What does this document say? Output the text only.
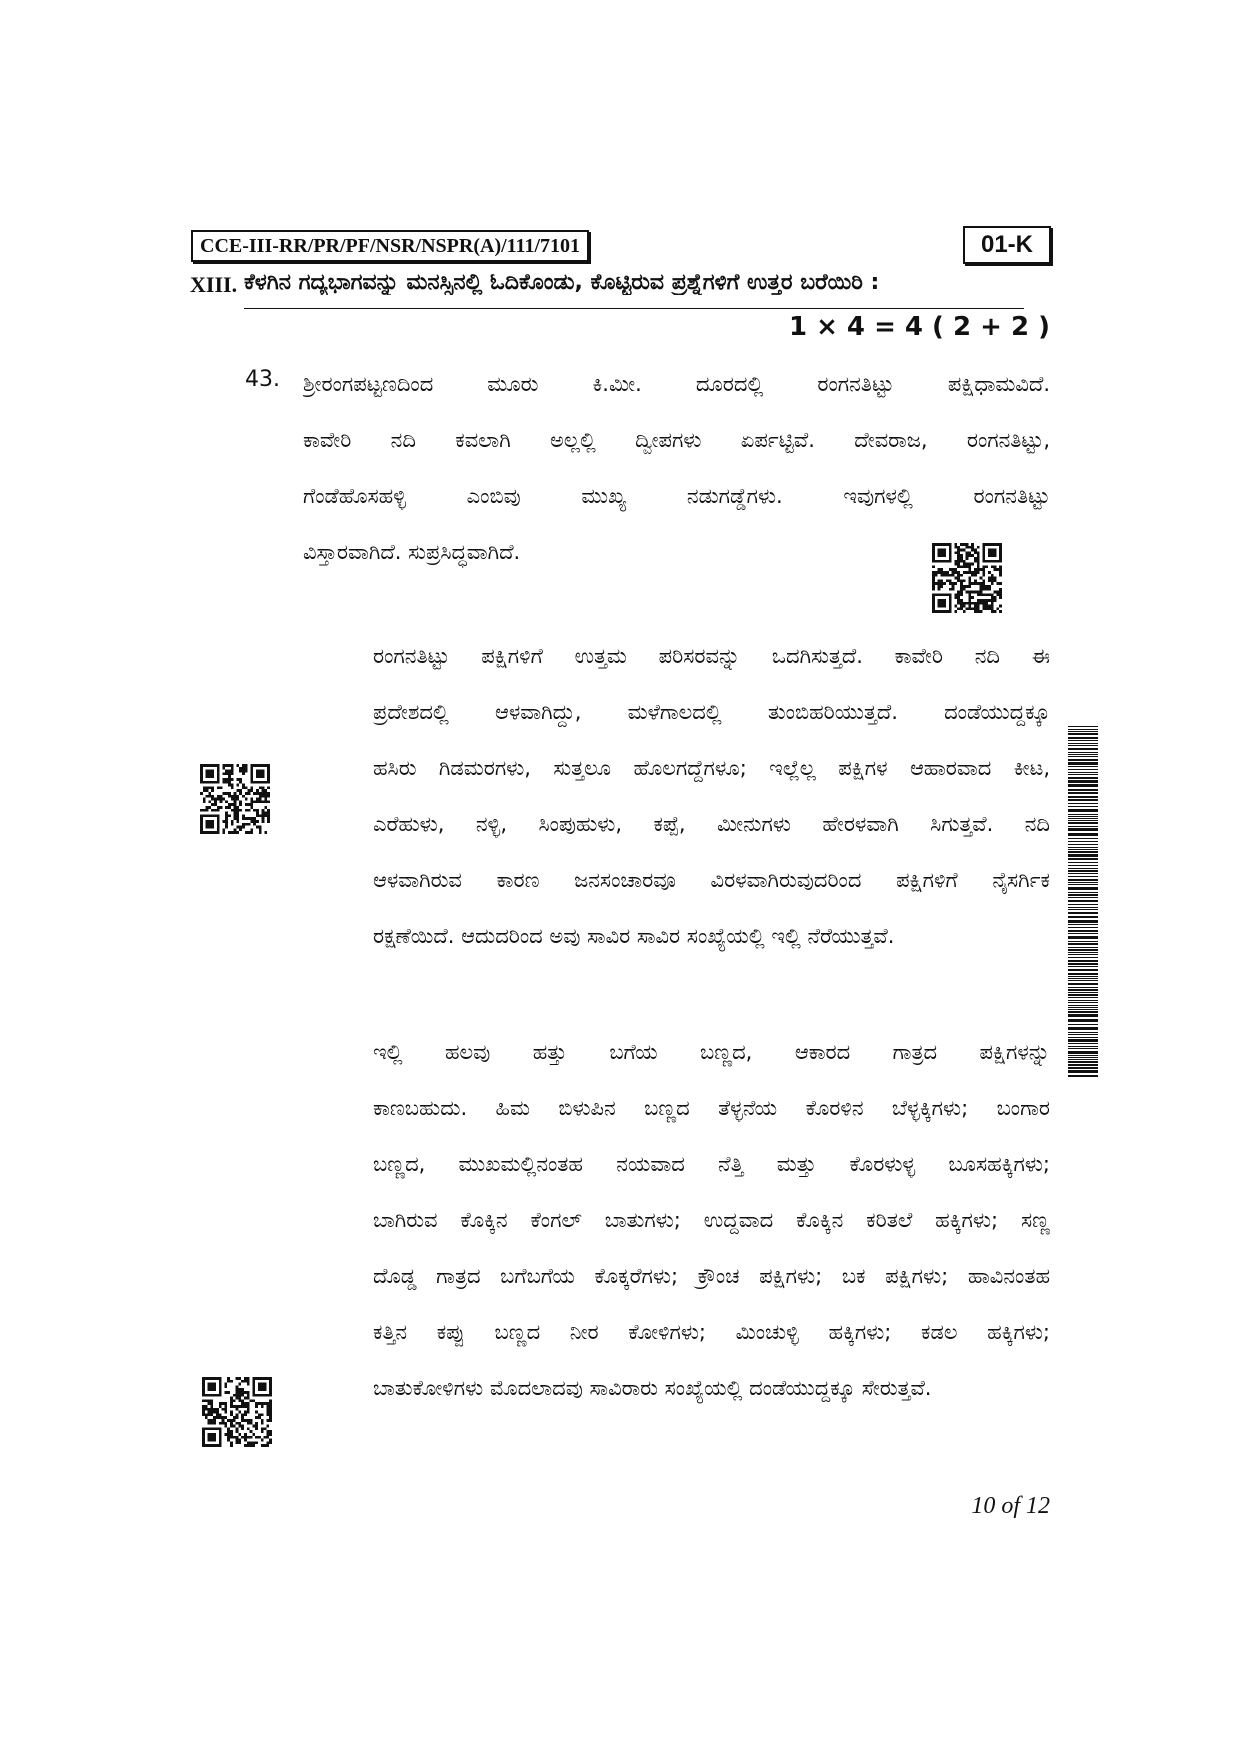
CCE-III-RR/PR/PF/NSR/NSPR(A)/111/7101	01-K
XIII. ಕೆಳಗಿನ ಗದ್ಯಭಾಗವನ್ನು ಮನಸ್ಸಿನಲ್ಲಿ ಓದಿಕೊಂಡು, ಕೊಟ್ಟಿರುವ ಪ್ರಶ್ನೆಗಳಿಗೆ ಉತ್ತರ ಬರೆಯಿರಿ :
1 × 4 = 4 ( 2 + 2 )
43. ಶ್ರೀರಂಗಪಟ್ಟಣದಿಂದ ಮೂರು ಕಿ.ಮೀ. ದೂರದಲ್ಲಿ ರಂಗನತಿಟ್ಟು ಪಕ್ಷಿಧಾಮವಿದೆ.
ಕಾವೇರಿ ನದಿ ಕವಲಾಗಿ ಅಲ್ಲಲ್ಲಿ ದ್ವೀಪಗಳು ಏರ್ಪಟ್ಟಿವೆ. ದೇವರಾಜ, ರಂಗನತಿಟ್ಟು,
ಗೆಂಡೆಹೊಸಹಳ್ಳಿ ಎಂಬಿವು ಮುಖ್ಯ ನಡುಗಡ್ಡೆಗಳು. ಇವುಗಳಲ್ಲಿ ರಂಗನತಿಟ್ಟು
ವಿಸ್ತಾರವಾಗಿದೆ. ಸುಪ್ರಸಿದ್ಧವಾಗಿದೆ.
ರಂಗನತಿಟ್ಟು ಪಕ್ಷಿಗಳಿಗೆ ಉತ್ತಮ ಪರಿಸರವನ್ನು ಒದಗಿಸುತ್ತದೆ. ಕಾವೇರಿ ನದಿ ಈ
ಪ್ರದೇಶದಲ್ಲಿ ಆಳವಾಗಿದ್ದು, ಮಳೆಗಾಲದಲ್ಲಿ ತುಂಬಿಹರಿಯುತ್ತದೆ. ದಂಡೆಯುದ್ದಕ್ಕೂ
ಹಸಿರು ಗಿಡಮರಗಳು, ಸುತ್ತಲೂ ಹೊಲಗದ್ದೆಗಳೂ; ಇಲ್ಲೆಲ್ಲ ಪಕ್ಷಿಗಳ ಆಹಾರವಾದ ಕೀಟ,
ಎರೆಹುಳು, ನಳ್ಳಿ, ಸಿಂಪುಹುಳು, ಕಪ್ಪೆ, ಮೀನುಗಳು ಹೇರಳವಾಗಿ ಸಿಗುತ್ತವೆ. ನದಿ
ಆಳವಾಗಿರುವ ಕಾರಣ ಜನಸಂಚಾರವೂ ವಿರಳವಾಗಿರುವುದರಿಂದ ಪಕ್ಷಿಗಳಿಗೆ ನೈಸರ್ಗಿಕ
ರಕ್ಷಣೆಯಿದೆ. ಆದುದರಿಂದ ಅವು ಸಾವಿರ ಸಾವಿರ ಸಂಖ್ಯೆಯಲ್ಲಿ ಇಲ್ಲಿ ನೆರೆಯುತ್ತವೆ.
ಇಲ್ಲಿ ಹಲವು ಹತ್ತು ಬಗೆಯ ಬಣ್ಣದ, ಆಕಾರದ ಗಾತ್ರದ ಪಕ್ಷಿಗಳನ್ನು
ಕಾಣಬಹುದು. ಹಿಮ ಬಿಳುಪಿನ ಬಣ್ಣದ ತೆಳ್ಳನೆಯ ಕೊರಳಿನ ಬೆಳ್ಳಕ್ಕಿಗಳು; ಬಂಗಾರ
ಬಣ್ಣದ, ಮುಖಮಲ್ಲಿನಂತಹ ನಯವಾದ ನೆತ್ತಿ ಮತ್ತು ಕೊರಳುಳ್ಳ ಬೂಸಹಕ್ಕಿಗಳು;
ಬಾಗಿರುವ ಕೊಕ್ಕಿನ ಕೆಂಗಲ್ ಬಾತುಗಳು; ಉದ್ದವಾದ ಕೊಕ್ಕಿನ ಕರಿತಲೆ ಹಕ್ಕಿಗಳು; ಸಣ್ಣ
ದೊಡ್ಡ ಗಾತ್ರದ ಬಗೆಬಗೆಯ ಕೊಕ್ಕರೆಗಳು; ಕ್ರೌಂಚ ಪಕ್ಷಿಗಳು; ಬಕ ಪಕ್ಷಿಗಳು; ಹಾವಿನಂತಹ
ಕತ್ತಿನ ಕಪ್ಪು ಬಣ್ಣದ ನೀರ ಕೋಳಿಗಳು; ಮಿಂಚುಳ್ಳಿ ಹಕ್ಕಿಗಳು; ಕಡಲ ಹಕ್ಕಿಗಳು;
ಬಾತುಕೋಳಿಗಳು ಮೊದಲಾದವು ಸಾವಿರಾರು ಸಂಖ್ಯೆಯಲ್ಲಿ ದಂಡೆಯುದ್ದಕ್ಕೂ ಸೇರುತ್ತವೆ.
10 of 12
